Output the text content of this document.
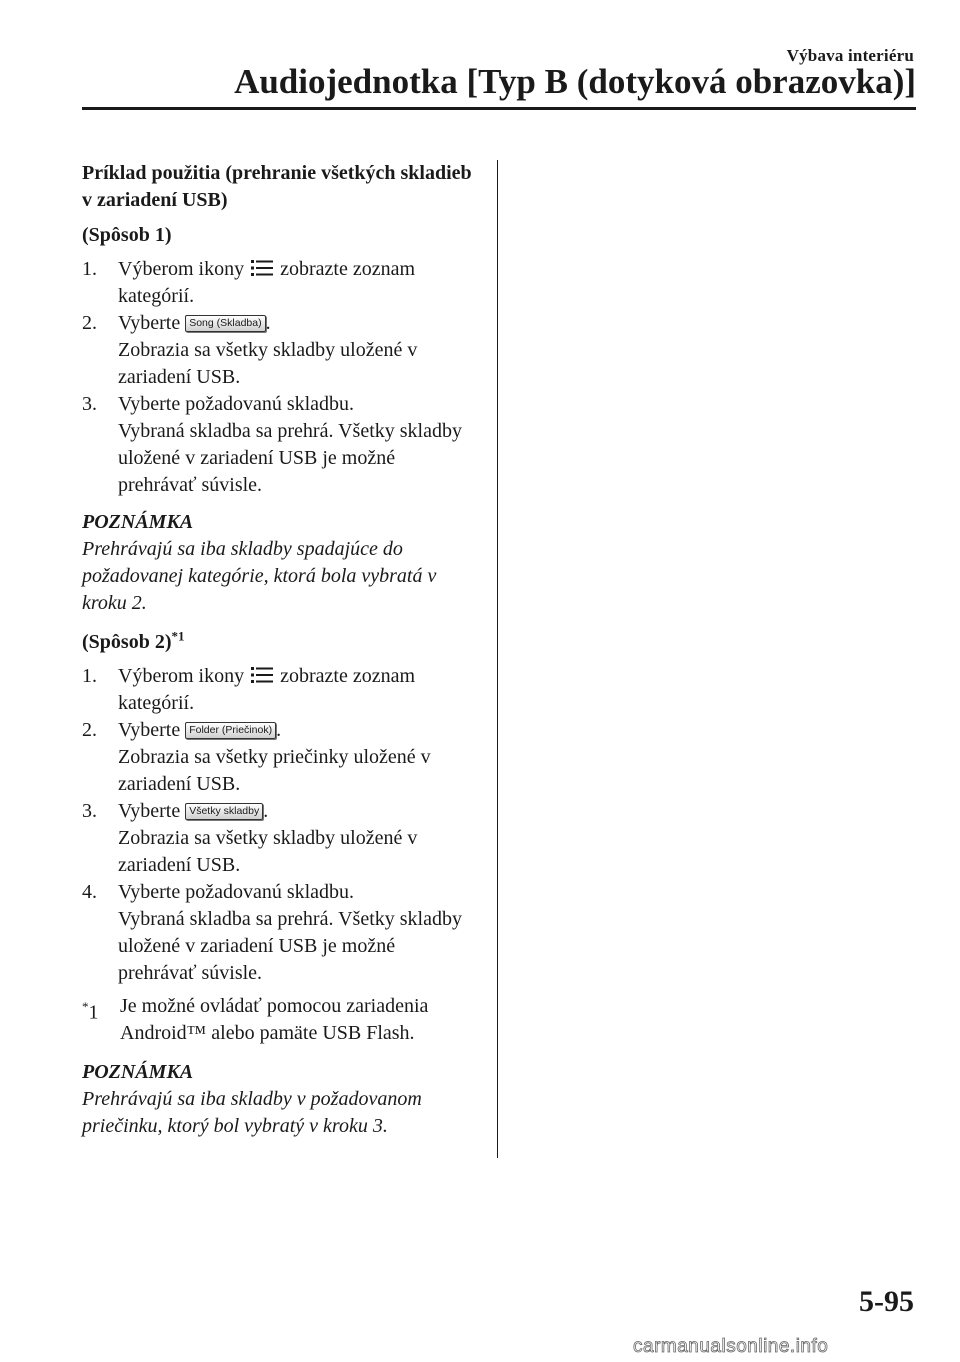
Výbava interiéru
Audiojednotka [Typ B (dotyková obrazovka)]

Príklad použitia (prehranie všetkých skladieb v zariadení USB)

(Spôsob 1)

1. Výberom ikony zobrazte zoznam kategórií.
2. Vyberte Song (Skladba) .
Zobrazia sa všetky skladby uložené v zariadení USB.
3. Vyberte požadovanú skladbu.
Vybraná skladba sa prehrá. Všetky skladby uložené v zariadení USB je možné prehrávať súvisle.

POZNÁMKA

Prehrávajú sa iba skladby spadajúce do požadovanej kategórie, ktorá bola vybratá v kroku 2.

(Spôsob 2)$^{*1}$

1. Výberom ikony zobrazte zoznam kategórií.
2. Vyberte Folder (Priečinok) .
Zobrazia sa všetky priečinky uložené v zariadení USB.
3. Vyberte Všetky skladby .
Zobrazia sa všetky skladby uložené v zariadení USB.
4. Vyberte požadovanú skladbu.
Vybraná skladba sa prehrá. Všetky skladby uložené v zariadení USB je možné prehrávať súvisle.

*1 Je možné ovládať pomocou zariadenia Android™ alebo pamäte USB Flash.

POZNÁMKA

Prehrávajú sa iba skladby v požadovanom priečinku, ktorý bol vybratý v kroku 3.

5-95
carmanualsonline.info
